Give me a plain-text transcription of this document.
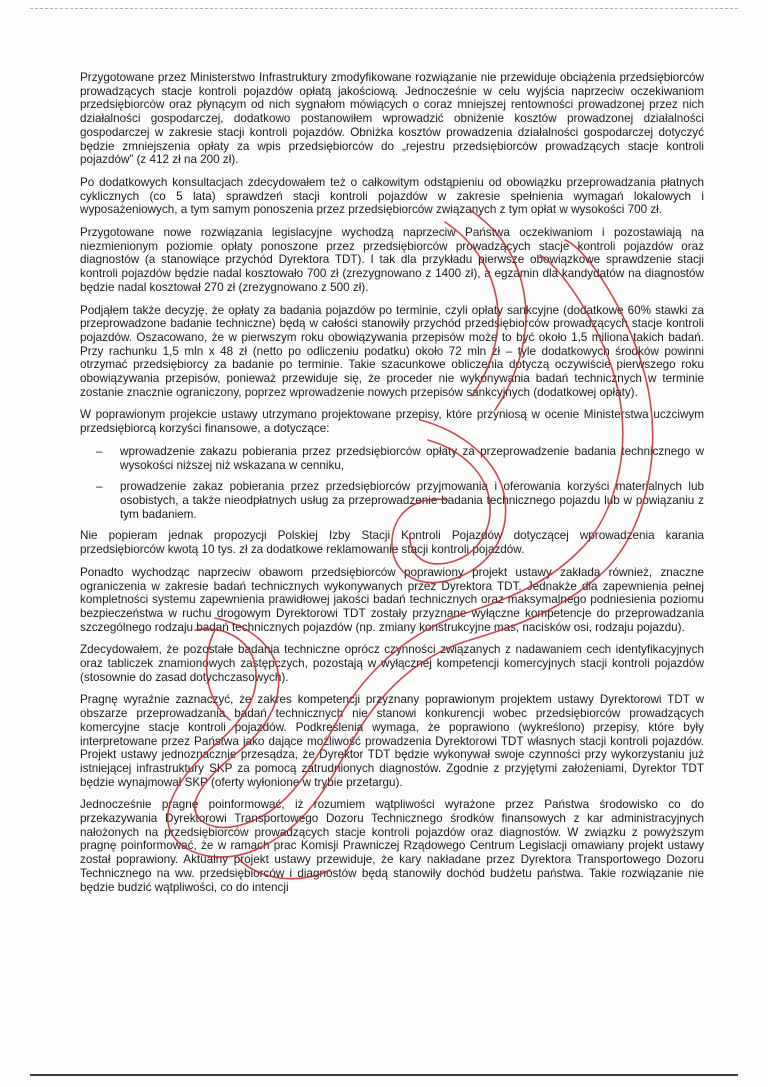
Przygotowane przez Ministerstwo Infrastruktury zmodyfikowane rozwiązanie nie przewiduje obciążenia przedsiębiorców prowadzących stacje kontroli pojazdów opłatą jakościową. Jednocześnie w celu wyjścia naprzeciw oczekiwaniom przedsiębiorców oraz płynącym od nich sygnałom mówiących o coraz mniejszej rentowności prowadzonej przez nich działalności gospodarczej, dodatkowo postanowiłem wprowadzić obniżenie kosztów prowadzonej działalności gospodarczej w zakresie stacji kontroli pojazdów. Obniżka kosztów prowadzenia działalności gospodarczej dotyczyć będzie zmniejszenia opłaty za wpis przedsiębiorców do „rejestru przedsiębiorców prowadzących stacje kontroli pojazdów” (z 412 zł na 200 zł).

Po dodatkowych konsultacjach zdecydowałem też o całkowitym odstąpieniu od obowiązku przeprowadzania płatnych cyklicznych (co 5 lata) sprawdzeń stacji kontroli pojazdów w zakresie spełnienia wymagań lokalowych i wyposażeniowych, a tym samym ponoszenia przez przedsiębiorców związanych z tym opłat w wysokości 700 zł.

Przygotowane nowe rozwiązania legislacyjne wychodzą naprzeciw Państwa oczekiwaniom i pozostawiają na niezmienionym poziomie opłaty ponoszone przez przedsiębiorców prowadzących stacje kontroli pojazdów oraz diagnostów (a stanowiące przychód Dyrektora TDT). I tak dla przykładu pierwsze obowiązkowe sprawdzenie stacji kontroli pojazdów będzie nadal kosztowało 700 zł (zrezygnowano z 1400 zł), a egzamin dla kandydatów na diagnostów będzie nadal kosztował 270 zł (zrezygnowano z 500 zł).

Podjąłem także decyzję, że opłaty za badania pojazdów po terminie, czyli opłaty sankcyjne (dodatkowe 60% stawki za przeprowadzone badanie techniczne) będą w całości stanowiły przychód przedsiębiorców prowadzących stacje kontroli pojazdów. Oszacowano, że w pierwszym roku obowiązywania przepisów może to być około 1,5 miliona takich badań. Przy rachunku 1,5 mln x 48 zł (netto po odliczeniu podatku) około 72 mln zł – tyle dodatkowych środków powinni otrzymać przedsiębiorcy za badanie po terminie. Takie szacunkowe obliczenia dotyczą oczywiście pierwszego roku obowiązywania przepisów, ponieważ przewiduje się, że proceder nie wykonywania badań technicznych w terminie zostanie znacznie ograniczony, poprzez wprowadzenie nowych przepisów sankcyjnych (dodatkowej opłaty).

W poprawionym projekcie ustawy utrzymano projektowane przepisy, które przyniosą w ocenie Ministerstwa uczciwym przedsiębiorcą korzyści finansowe, a dotyczące:

– wprowadzenie zakazu pobierania przez przedsiębiorców opłaty za przeprowadzenie badania technicznego w wysokości niższej niż wskazana w cenniku,
– prowadzenie zakaz pobierania przez przedsiębiorców przyjmowania i oferowania korzyści materialnych lub osobistych, a także nieodpłatnych usług za przeprowadzenie badania technicznego pojazdu lub w powiązaniu z tym badaniem.

Nie popieram jednak propozycji Polskiej Izby Stacji Kontroli Pojazdów dotyczącej wprowadzenia karania przedsiębiorców kwotą 10 tys. zł za dodatkowe reklamowanie stacji kontroli pojazdów.

Ponadto wychodząc naprzeciw obawom przedsiębiorców poprawiony projekt ustawy zakłada również, znaczne ograniczenia w zakresie badań technicznych wykonywanych przez Dyrektora TDT. Jednakże dla zapewnienia pełnej kompletności systemu zapewnienia prawidłowej jakości badań technicznych oraz maksymalnego podniesienia poziomu bezpieczeństwa w ruchu drogowym Dyrektorowi TDT zostały przyznane wyłączne kompetencje do przeprowadzania szczególnego rodzaju badań technicznych pojazdów (np. zmiany konstrukcyjne mas, nacisków osi, rodzaju pojazdu).

Zdecydowałem, że pozostałe badania techniczne oprócz czynności związanych z nadawaniem cech identyfikacyjnych oraz tabliczek znamionowych zastępczych, pozostają w wyłącznej kompetencji komercyjnych stacji kontroli pojazdów (stosownie do zasad dotychczasowych).

Pragnę wyraźnie zaznaczyć, że zakres kompetencji przyznany poprawionym projektem ustawy Dyrektorowi TDT w obszarze przeprowadzania badań technicznych nie stanowi konkurencji wobec przedsiębiorców prowadzących komercyjne stacje kontroli pojazdów. Podkreślenia wymaga, że poprawiono (wykreślono) przepisy, które były interpretowane przez Państwa jako dające możliwość prowadzenia Dyrektorowi TDT własnych stacji kontroli pojazdów. Projekt ustawy jednoznacznie przesądza, że Dyrektor TDT będzie wykonywał swoje czynności przy wykorzystaniu już istniejącej infrastruktury SKP za pomocą zatrudnionych diagnostów. Zgodnie z przyjętymi założeniami, Dyrektor TDT będzie wynajmował SKP (oferty wyłonione w trybie przetargu).

Jednocześnie pragnę poinformować, iż rozumiem wątpliwości wyrażone przez Państwa środowisko co do przekazywania Dyrektorowi Transportowego Dozoru Technicznego środków finansowych z kar administracyjnych nałożonych na przedsiębiorców prowadzących stacje kontroli pojazdów oraz diagnostów. W związku z powyższym pragnę poinformować, że w ramach prac Komisji Prawniczej Rządowego Centrum Legislacji omawiany projekt ustawy został poprawiony. Aktualny projekt ustawy przewiduje, że kary nakładane przez Dyrektora Transportowego Dozoru Technicznego na ww. przedsiębiorców i diagnostów będą stanowiły dochód budżetu państwa. Takie rozwiązanie nie będzie budzić wątpliwości, co do intencji
